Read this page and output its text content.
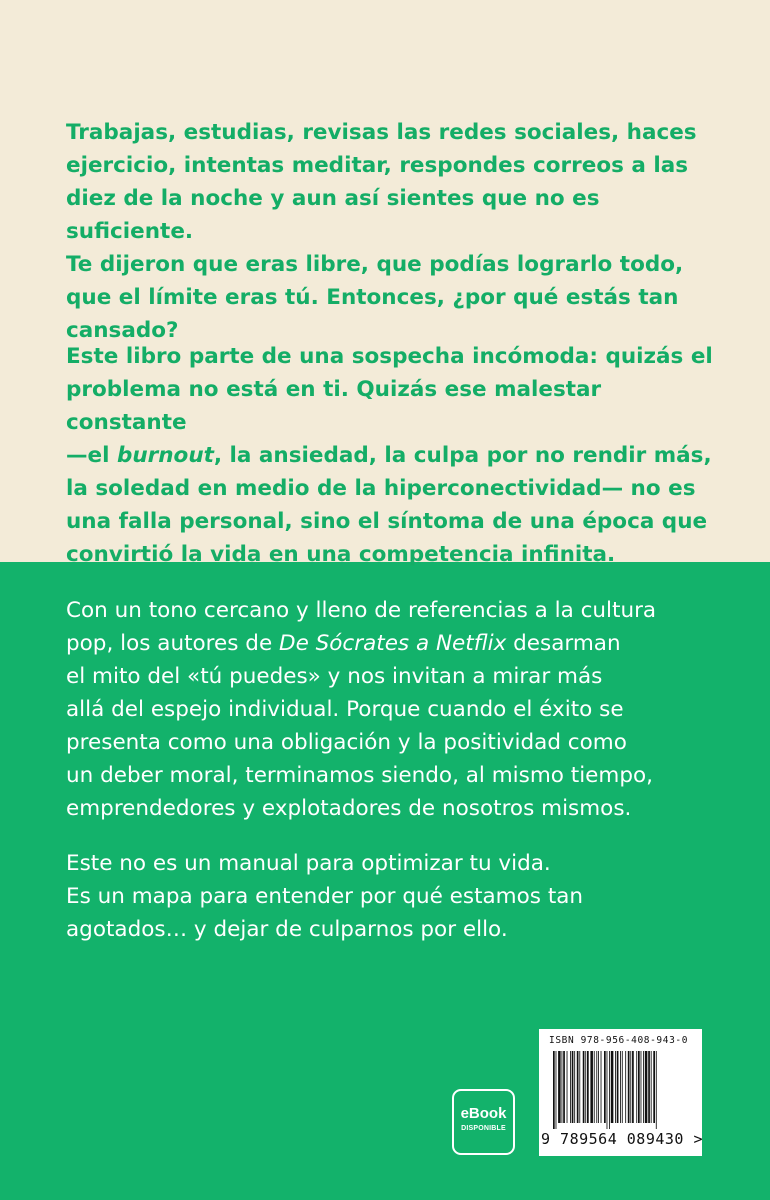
Trabajas, estudias, revisas las redes sociales, haces
ejercicio, intentas meditar, respondes correos a las
diez de la noche y aun así sientes que no es suficiente.
Te dijeron que eras libre, que podías lograrlo todo,
que el límite eras tú. Entonces, ¿por qué estás tan
cansado?
Este libro parte de una sospecha incómoda: quizás el
problema no está en ti. Quizás ese malestar constante
—el burnout, la ansiedad, la culpa por no rendir más,
la soledad en medio de la hiperconectividad— no es
una falla personal, sino el síntoma de una época que
convirtió la vida en una competencia infinita.
Con un tono cercano y lleno de referencias a la cultura
pop, los autores de De Sócrates a Netflix desarman
el mito del «tú puedes» y nos invitan a mirar más
allá del espejo individual. Porque cuando el éxito se
presenta como una obligación y la positividad como
un deber moral, terminamos siendo, al mismo tiempo,
emprendedores y explotadores de nosotros mismos.
Este no es un manual para optimizar tu vida.
Es un mapa para entender por qué estamos tan
agotados… y dejar de culparnos por ello.
eBook
DISPONIBLE
ISBN 978-956-408-943-0
9 789564 089430 >
